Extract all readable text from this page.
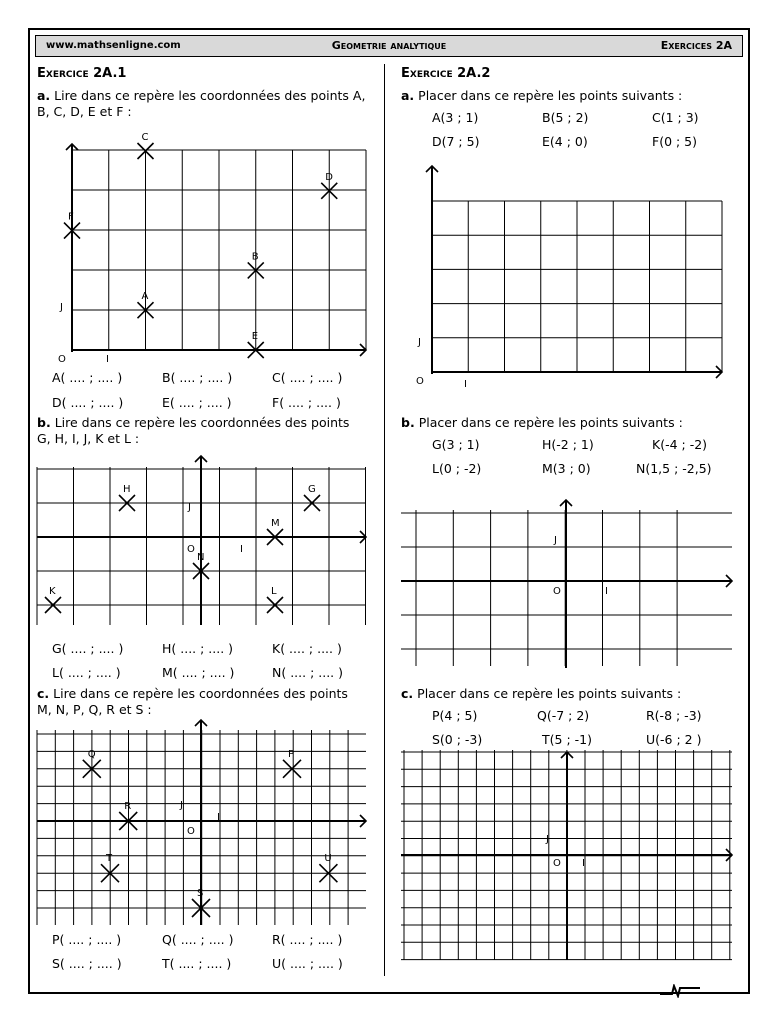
www.mathsenligne.com	Geometrie analytique	Exercices 2A
Exercice 2A.1
a. Lire dans ce repère les coordonnées des points A,
B, C, D, E et F :
O	I
J
A
B
C
D
E
F
O	I
J
H	G
M
N
K	L
O
I
J
Q	P
R
T	U
S
O	I
J
O	I
J
O I
J
A( .... ; .... )	B( .... ; .... )	C( .... ; .... )
D( .... ; .... )	E( .... ; .... )	F( .... ; .... )
b. Lire dans ce repère les coordonnées des points
G, H, I, J, K et L :
G( .... ; .... )	H( .... ; .... )	K( .... ; .... )
L( .... ; .... )	M( .... ; .... )	N( .... ; .... )
c. Lire dans ce repère les coordonnées des points
M, N, P, Q, R et S :
P( .... ; .... )	Q( .... ; .... )	R( .... ; .... )
S( .... ; .... )	T( .... ; .... )	U( .... ; .... )
Exercice 2A.2
a. Placer dans ce repère les points suivants :
A(3 ; 1)	B(5 ; 2)	C(1 ; 3)
D(7 ; 5)	E(4 ; 0)	F(0 ; 5)
b. Placer dans ce repère les points suivants :
G(3 ; 1)	H(-2 ; 1)	K(-4 ; -2)
L(0 ; -2)	M(3 ; 0)	N(1,5 ; -2,5)
c. Placer dans ce repère les points suivants :
P(4 ; 5)	Q(-7 ; 2)	R(-8 ; -3)
S(0 ; -3)	T(5 ; -1)	U(-6 ; 2 )
